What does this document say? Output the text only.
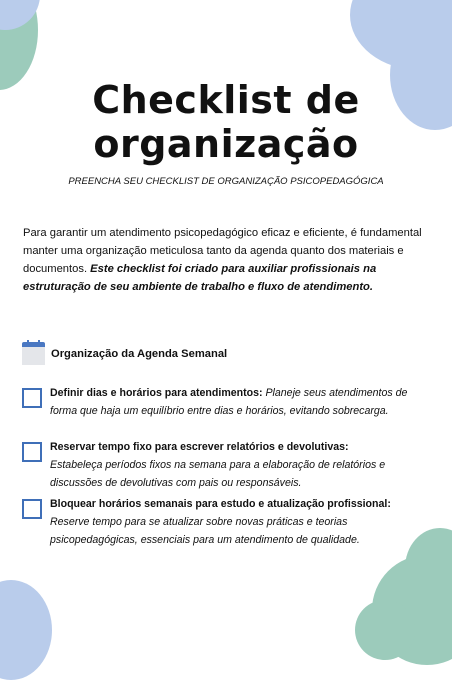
Checklist de
organização
PREENCHA SEU CHECKLIST DE ORGANIZAÇÃO PSICOPEDAGÓGICA
Para garantir um atendimento psicopedagógico eficaz e eficiente, é fundamental manter uma organização meticulosa tanto da agenda quanto dos materiais e documentos. Este checklist foi criado para auxiliar profissionais na estruturação de seu ambiente de trabalho e fluxo de atendimento.
Organização da Agenda Semanal
Definir dias e horários para atendimentos: Planeje seus atendimentos de forma que haja um equilíbrio entre dias e horários, evitando sobrecarga.
Reservar tempo fixo para escrever relatórios e devolutivas:
Estabeleça períodos fixos na semana para a elaboração de relatórios e discussões de devolutivas com pais ou responsáveis.
Bloquear horários semanais para estudo e atualização profissional:
Reserve tempo para se atualizar sobre novas práticas e teorias psicopedagógicas, essenciais para um atendimento de qualidade.
